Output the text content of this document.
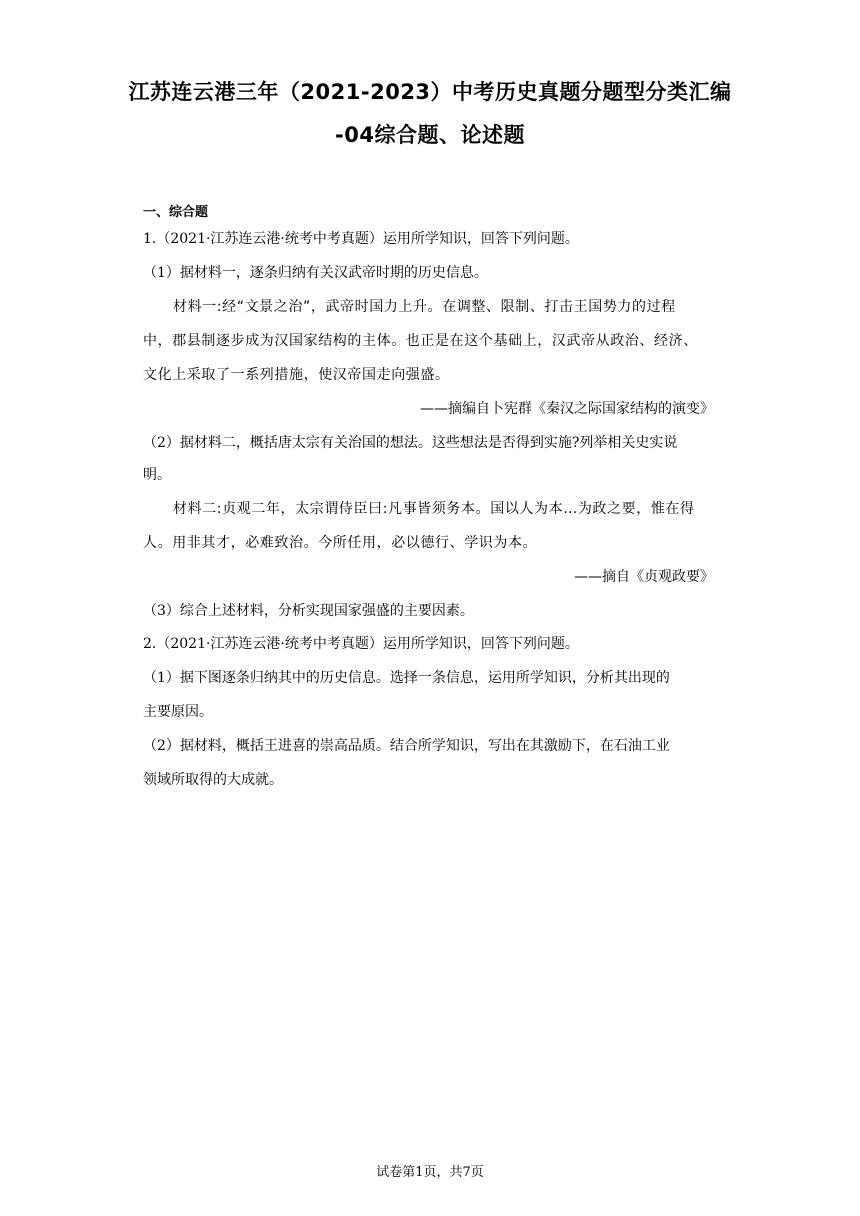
江苏连云港三年（2021-2023）中考历史真题分题型分类汇编
-04综合题、论述题
一、综合题
1.（2021·江苏连云港·统考中考真题）运用所学知识，回答下列问题。
（1）据材料一，逐条归纳有关汉武帝时期的历史信息。
材料一:经“文景之治”，武帝时国力上升。在调整、限制、打击王国势力的过程
中，郡县制逐步成为汉国家结构的主体。也正是在这个基础上，汉武帝从政治、经济、
文化上采取了一系列措施，使汉帝国走向强盛。
——摘编自卜宪群《秦汉之际国家结构的演变》
（2）据材料二，概括唐太宗有关治国的想法。这些想法是否得到实施?列举相关史实说
明。
材料二:贞观二年，太宗谓侍臣曰:凡事皆须务本。国以人为本…为政之要，惟在得
人。用非其才，必难致治。今所任用，必以德行、学识为本。
——摘自《贞观政要》
（3）综合上述材料，分析实现国家强盛的主要因素。
2.（2021·江苏连云港·统考中考真题）运用所学知识，回答下列问题。
（1）据下图逐条归纳其中的历史信息。选择一条信息，运用所学知识，分析其出现的
主要原因。
（2）据材料，概括王进喜的崇高品质。结合所学知识，写出在其激励下，在石油工业
领域所取得的大成就。
试卷第1页，共7页
